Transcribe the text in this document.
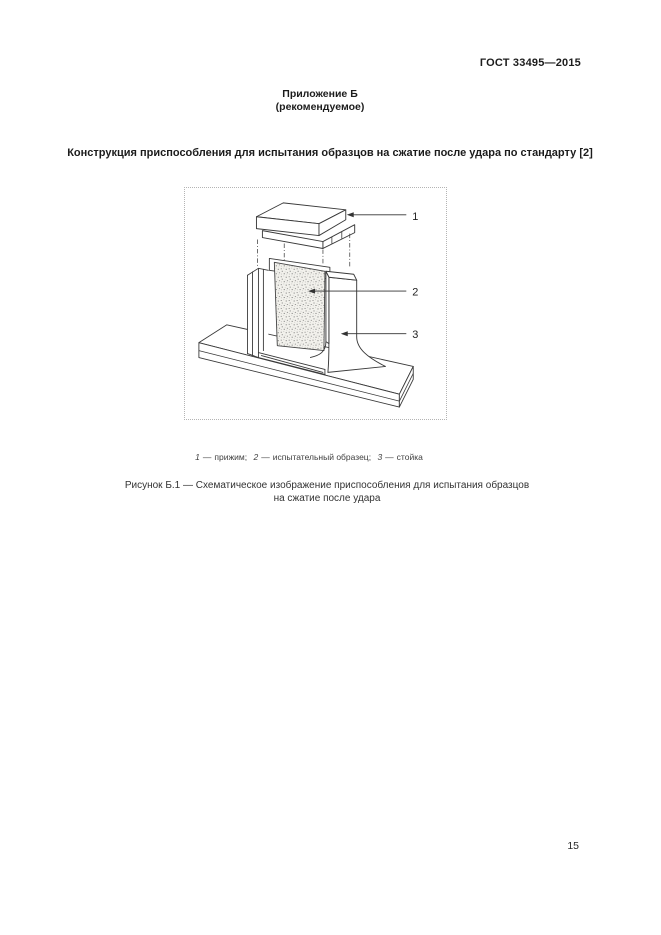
ГОСТ 33495—2015
Приложение Б
(рекомендуемое)
Конструкция приспособления для испытания образцов на сжатие после удара по стандарту [2]
1
2
3
1 — прижим; 2 — испытательный образец; 3 — стойка
Рисунок Б.1 — Схематическое изображение приспособления для испытания образцов
на сжатие после удара
15
